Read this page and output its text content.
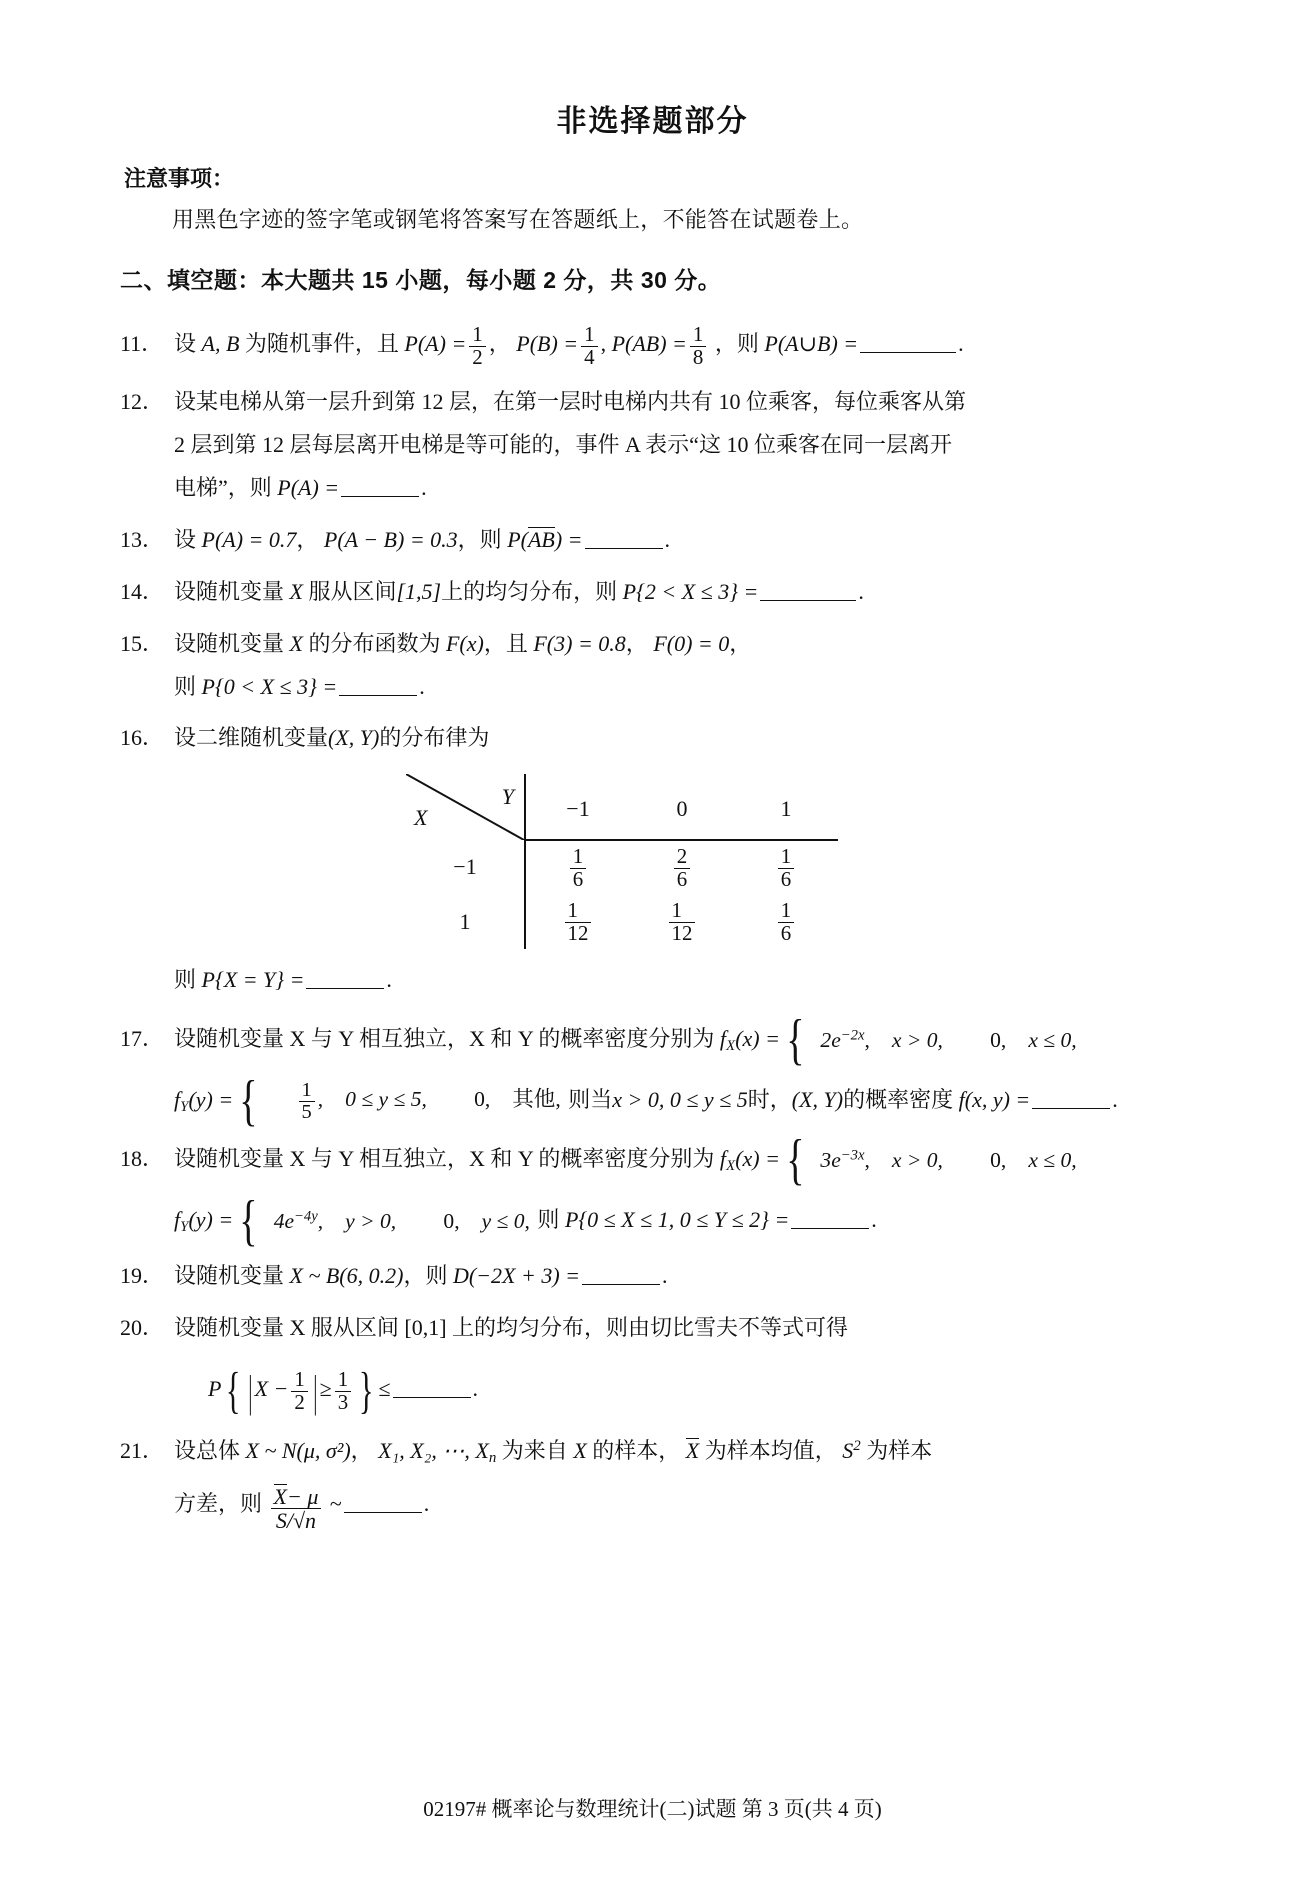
非选择题部分
注意事项：
用黑色字迹的签字笔或钢笔将答案写在答题纸上，不能答在试题卷上。
二、填空题：本大题共 15 小题，每小题 2 分，共 30 分。
11． 设 A, B 为随机事件，且 $P(A) = \frac{1}{2}$ ， $P(B) = \frac{1}{4}$ , $P(AB) = \frac{1}{8}$ ，则 P(A∪B) =	.
12． 设某电梯从第一层升到第 12 层，在第一层时电梯内共有 10 位乘客，每位乘客从第
2 层到第 12 层每层离开电梯是等可能的，事件 A 表示“这 10 位乘客在同一层离开
电梯”，则 P(A) =	.
13． 设 P(A) = 0.7， P(A − B) = 0.3，则 P(AB) =	.
14． 设随机变量 X 服从区间[1,5]上的均匀分布，则 P{2 < X ≤ 3} =	.
15． 设随机变量 X 的分布函数为 F(x)，且 F(3) = 0.8， F(0) = 0，
则 P{0 < X ≤ 3} =	.
16． 设二维随机变量(X, Y)的分布律为
Y
X	−1	0	1
−1	$\frac{1}{6}$	$\frac{2}{6}$	$\frac{1}{6}$

1	$\frac{1}{12}$	$\frac{1}{12}$	$\frac{1}{6}$
则 P{X = Y} =	.
17． 设随机变量 X 与 Y 相互独立，X 和 Y 的概率密度分别为 $f_X(x)$ = { $2e^{-2x}$, x > 0, 0, x ≤ 0,
$f_Y(y)$ = { $\frac{1}{5}$ , 0 ≤ y ≤ 5, 0, 其他, 则当x > 0, 0 ≤ y ≤ 5时，(X, Y)的概率密度 f(x, y) =	.
18． 设随机变量 X 与 Y 相互独立，X 和 Y 的概率密度分别为 $f_X(x)$ = { $3e^{-3x}$, x > 0, 0, x ≤ 0,
$f_Y(y)$ = { $4e^{-4y}$, y > 0, 0, y ≤ 0, 则 P{0 ≤ X ≤ 1, 0 ≤ Y ≤ 2} =	.
19． 设随机变量 X ~ B(6, 0.2)，则 D(−2X + 3) =	.
20． 设随机变量 X 服从区间 [0,1] 上的均匀分布，则由切比雪夫不等式可得
P{ | $X - \frac{1}{2}$ | ≥ $\frac{1}{3}$ } ≤	.
21． 设总体 X ~ N(μ, σ²)， X₁, X₂, ⋯, $X_n$ 为来自 X 的样本， X 为样本均值， $S^2$ 为样本
方差，则 $\frac{X- \mu}{S/√n}$ ~	.
02197# 概率论与数理统计(二)试题 第 3 页(共 4 页)
